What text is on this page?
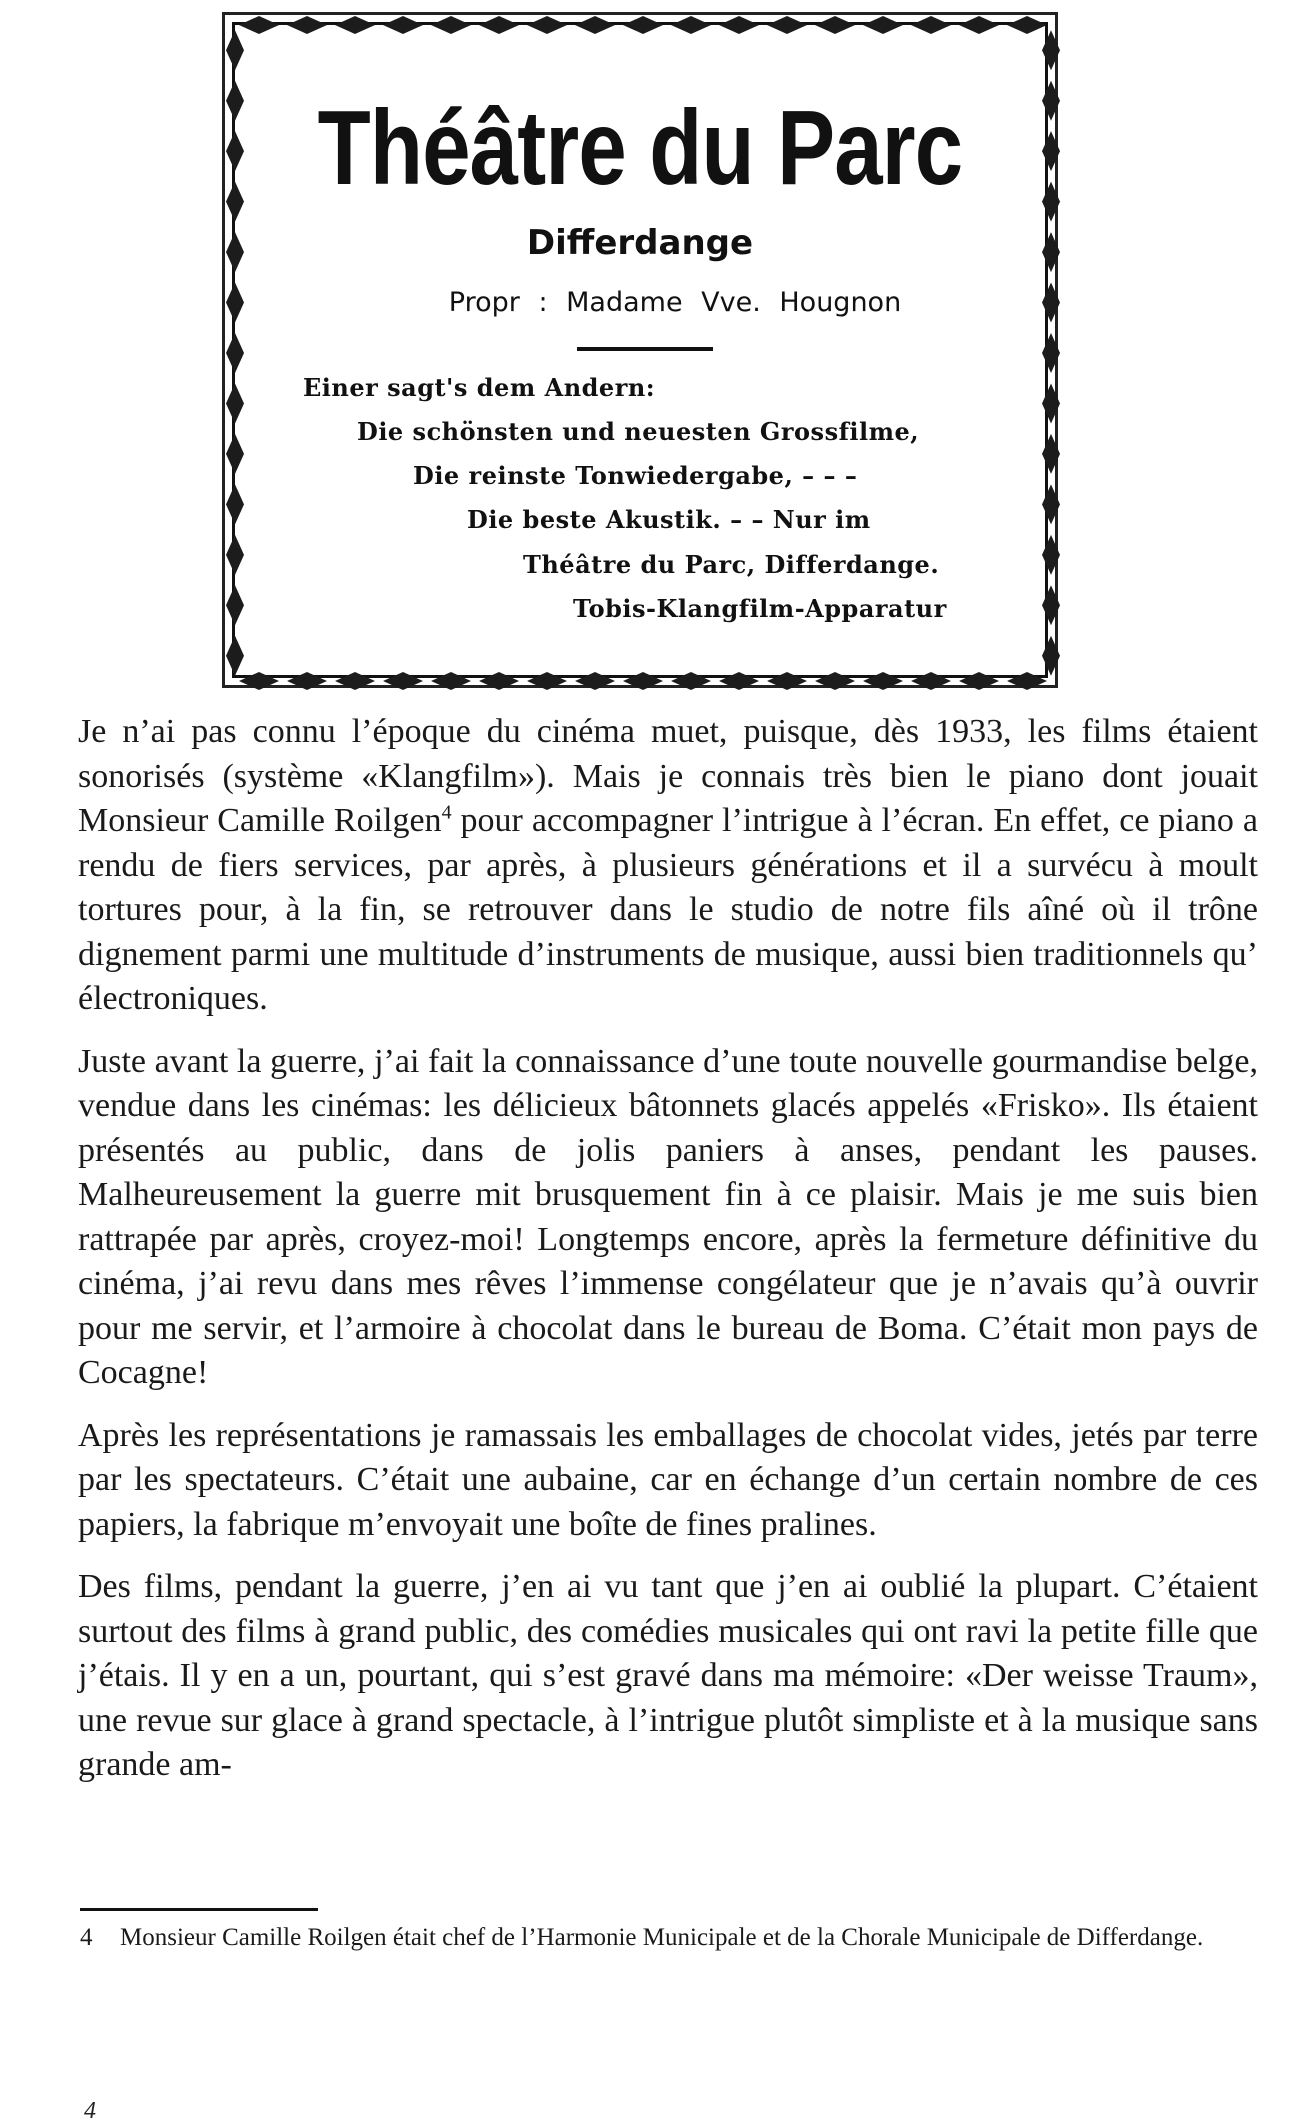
Théâtre du Parc
Differdange
Propr : Madame Vve. Hougnon
Einer sagt's dem Andern:
Die schönsten und neuesten Grossfilme,
Die reinste Tonwiedergabe, – – –
Die beste Akustik. – – Nur im
Théâtre du Parc, Differdange.
Tobis-Klangfilm-Apparatur

Je n’ai pas connu l’époque du cinéma muet, puisque, dès 1933, les films étaient sonorisés (système «Klangfilm»). Mais je connais très bien le piano dont jouait Monsieur Camille Roilgen$^4$ pour accompagner l’intrigue à l’écran. En effet, ce piano a rendu de fiers services, par après, à plusieurs générations et il a survécu à moult tortures pour, à la fin, se retrouver dans le studio de notre fils aîné où il trône dignement parmi une multitude d’instruments de musique, aussi bien traditionnels qu’ électroniques.

Juste avant la guerre, j’ai fait la connaissance d’une toute nouvelle gourmandise belge, vendue dans les cinémas: les délicieux bâtonnets glacés appelés «Frisko». Ils étaient présentés au public, dans de jolis paniers à anses, pendant les pauses. Malheureusement la guerre mit brusquement fin à ce plaisir. Mais je me suis bien rattrapée par après, croyez-moi! Longtemps encore, après la fermeture définitive du cinéma, j’ai revu dans mes rêves l’immense congélateur que je n’avais qu’à ouvrir pour me servir, et l’armoire à chocolat dans le bureau de Boma. C’était mon pays de Cocagne!

Après les représentations je ramassais les emballages de chocolat vides, jetés par terre par les spectateurs. C’était une aubaine, car en échange d’un certain nombre de ces papiers, la fabrique m’envoyait une boîte de fines pralines.

Des films, pendant la guerre, j’en ai vu tant que j’en ai oublié la plupart. C’étaient surtout des films à grand public, des comédies musicales qui ont ravi la petite fille que j’étais. Il y en a un, pourtant, qui s’est gravé dans ma mémoire: «Der weisse Traum», une revue sur glace à grand spectacle, à l’intrigue plutôt simpliste et à la musique sans grande am-

4 Monsieur Camille Roilgen était chef de l’Harmonie Municipale et de la Chorale Municipale de Differdange.
4
